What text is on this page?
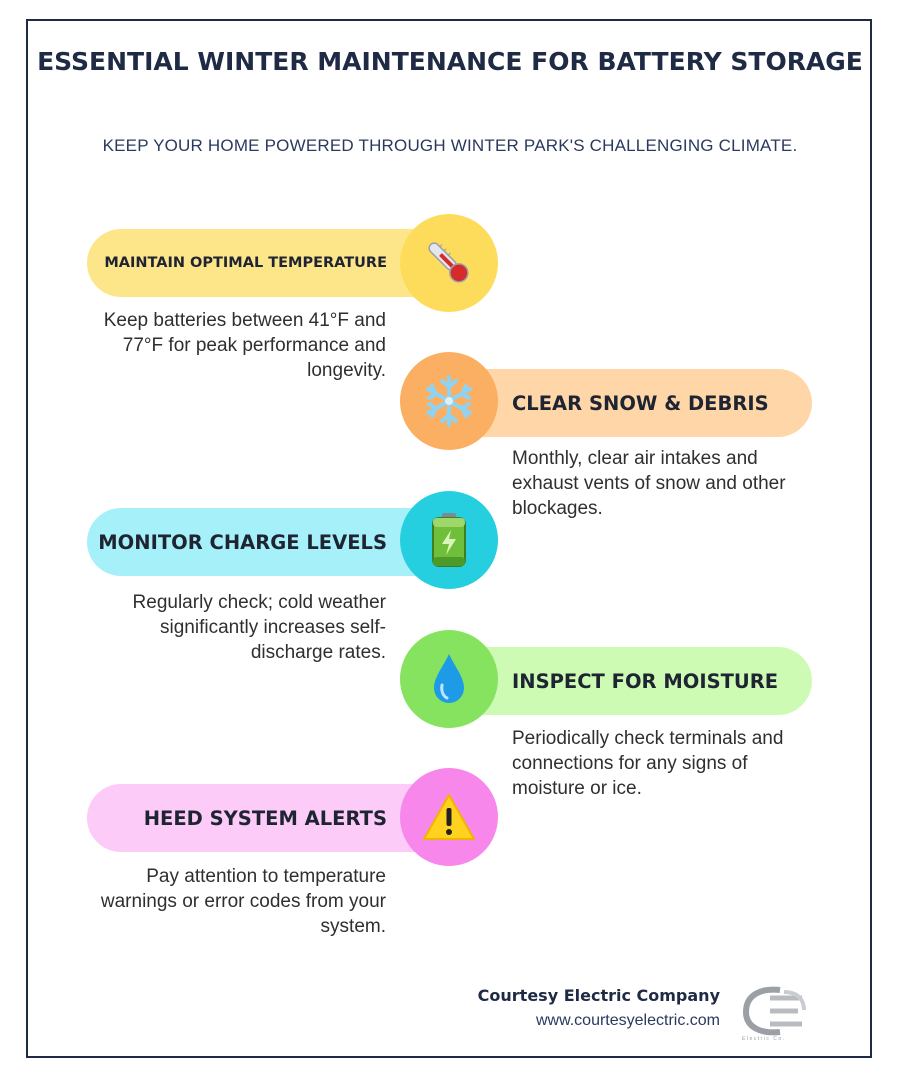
ESSENTIAL WINTER MAINTENANCE FOR BATTERY STORAGE
KEEP YOUR HOME POWERED THROUGH WINTER PARK'S CHALLENGING CLIMATE.
MAINTAIN OPTIMAL TEMPERATURE
Keep batteries between 41°F and 77°F for peak performance and longevity.
CLEAR SNOW & DEBRIS
Monthly, clear air intakes and exhaust vents of snow and other blockages.
MONITOR CHARGE LEVELS
Regularly check; cold weather significantly increases self-discharge rates.
INSPECT FOR MOISTURE
Periodically check terminals and connections for any signs of moisture or ice.
HEED SYSTEM ALERTS
Pay attention to temperature warnings or error codes from your system.
Courtesy Electric Company
www.courtesyelectric.com
Electric Co.
